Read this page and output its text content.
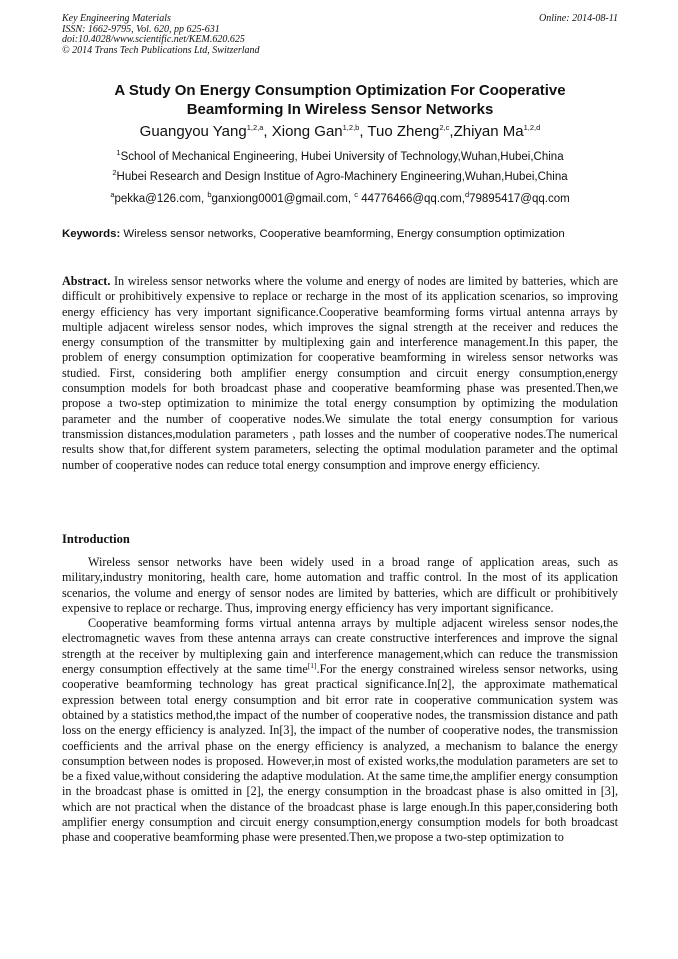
Key Engineering Materials
ISSN: 1662-9795, Vol. 620, pp 625-631
doi:10.4028/www.scientific.net/KEM.620.625
© 2014 Trans Tech Publications Ltd, Switzerland
Online: 2014-08-11
A Study On Energy Consumption Optimization For Cooperative
Beamforming In Wireless Sensor Networks
Guangyou Yang$^{1,2,a}$, Xiong Gan$^{1,2,b}$, Tuo Zheng$^{2,c}$,Zhiyan Ma$^{1,2,d}$
$^1$School of Mechanical Engineering, Hubei University of Technology,Wuhan,Hubei,China
$^2$Hubei Research and Design Institue of Agro-Machinery Engineering,Wuhan,Hubei,China
$^a$pekka@126.com, $^b$ganxiong0001@gmail.com, $^c$ 44776466@qq.com,$^d$79895417@qq.com
Keywords: Wireless sensor networks, Cooperative beamforming, Energy consumption optimization
Abstract. In wireless sensor networks where the volume and energy of nodes are limited by batteries, which are difficult or prohibitively expensive to replace or recharge in the most of its application scenarios, so improving energy efficiency has very important significance.Cooperative beamforming forms virtual antenna arrays by multiple adjacent wireless sensor nodes, which improves the signal strength at the receiver and reduces the energy consumption of the transmitter by multiplexing gain and interference management.In this paper, the problem of energy consumption optimization for cooperative beamforming in wireless sensor networks was studied. First, considering both amplifier energy consumption and circuit energy consumption,energy consumption models for both broadcast phase and cooperative beamforming phase was presented.Then,we propose a two-step optimization to minimize the total energy consumption by optimizing the modulation parameter and the number of cooperative nodes.We simulate the total energy consumption for various transmission distances,modulation parameters , path losses and the number of cooperative nodes.The numerical results show that,for different system parameters, selecting the optimal modulation parameter and the optimal number of cooperative nodes can reduce total energy consumption and improve energy efficiency.
Introduction

Wireless sensor networks have been widely used in a broad range of application areas, such as military,industry monitoring, health care, home automation and traffic control. In the most of its application scenarios, the volume and energy of sensor nodes are limited by batteries, which are difficult or prohibitively expensive to replace or recharge. Thus, improving energy efficiency has very important significance.

Cooperative beamforming forms virtual antenna arrays by multiple adjacent wireless sensor nodes,the electromagnetic waves from these antenna arrays can create constructive interferences and improve the signal strength at the receiver by multiplexing gain and interference management,which can reduce the transmission energy consumption effectively at the same time[1].For the energy constrained wireless sensor networks, using cooperative beamforming technology has great practical significance.In[2], the approximate mathematical expression between total energy consumption and bit error rate in cooperative communication system was obtained by a statistics method,the impact of the number of cooperative nodes, the transmission distance and path loss on the energy efficiency is analyzed. In[3], the impact of the number of cooperative nodes, the transmission coefficients and the arrival phase on the energy efficiency is analyzed, a mechanism to balance the energy consumption between nodes is proposed. However,in most of existed works,the modulation parameters are set to be a fixed value,without considering the adaptive modulation. At the same time,the amplifier energy consumption in the broadcast phase is omitted in [2], the energy consumption in the broadcast phase is also omitted in [3], which are not practical when the distance of the broadcast phase is large enough.In this paper,considering both amplifier energy consumption and circuit energy consumption,energy consumption models for both broadcast phase and cooperative beamforming phase were presented.Then,we propose a two-step optimization to
